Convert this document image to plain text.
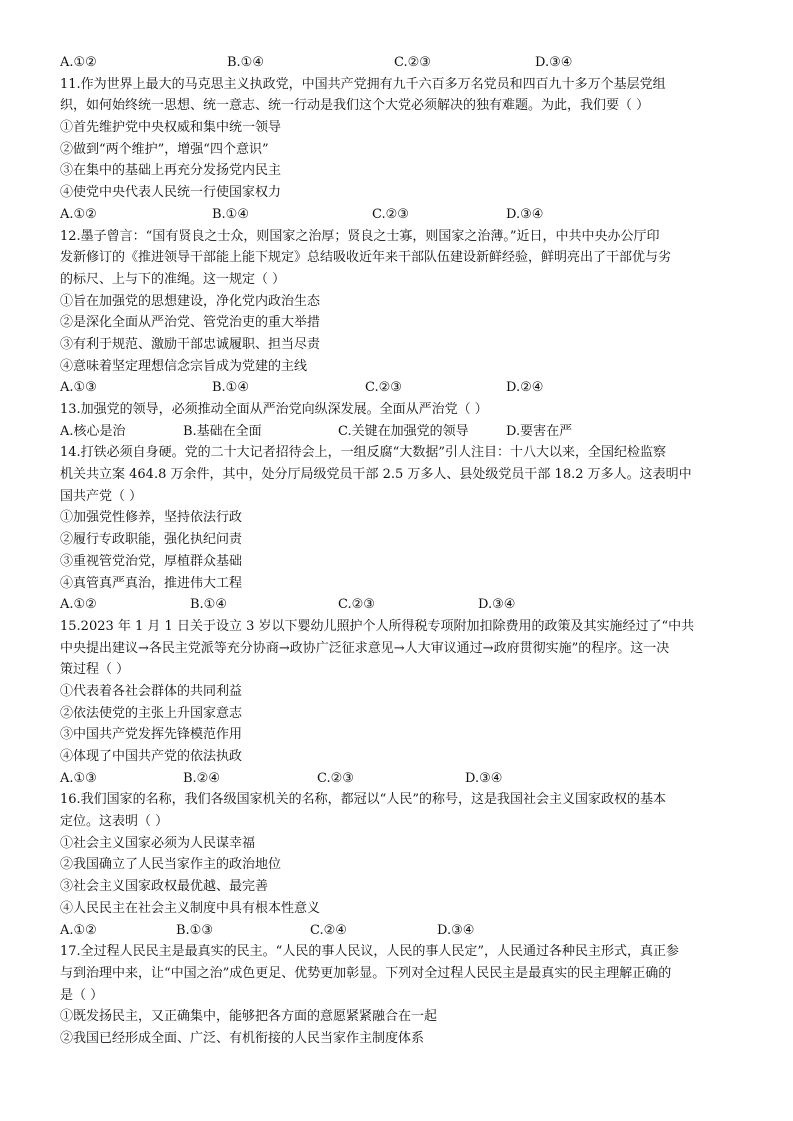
A.①②	B.①④	C.②③	D.③④
11.作为世界上最大的马克思主义执政党，中国共产党拥有九千六百多万名党员和四百九十多万个基层党组
织，如何始终统一思想、统一意志、统一行动是我们这个大党必须解决的独有难题。为此，我们要（ ）
①首先维护党中央权威和集中统一领导
②做到“两个维护”，增强“四个意识”
③在集中的基础上再充分发扬党内民主
④使党中央代表人民统一行使国家权力
A.①②	B.①④	C.②③	D.③④
12.墨子曾言：“国有贤良之士众，则国家之治厚；贤良之士寡，则国家之治薄。”近日，中共中央办公厅印
发新修订的《推进领导干部能上能下规定》总结吸收近年来干部队伍建设新鲜经验，鲜明亮出了干部优与劣
的标尺、上与下的准绳。这一规定（ ）
①旨在加强党的思想建设，净化党内政治生态
②是深化全面从严治党、管党治吏的重大举措
③有利于规范、激励干部忠诚履职、担当尽责
④意味着坚定理想信念宗旨成为党建的主线
A.①③	B.①④	C.②③	D.②④
13.加强党的领导，必须推动全面从严治党向纵深发展。全面从严治党（ ）
A.核心是治	B.基础在全面	C.关键在加强党的领导	D.要害在严
14.打铁必须自身硬。党的二十大记者招待会上，一组反腐“大数据”引人注目：十八大以来，全国纪检监察
机关共立案 464.8 万余件，其中，处分厅局级党员干部 2.5 万多人、县处级党员干部 18.2 万多人。这表明中
国共产党（ ）
①加强党性修养，坚持依法行政
②履行专政职能，强化执纪问责
③重视管党治党，厚植群众基础
④真管真严真治，推进伟大工程
A.①②	B.①④	C.②③	D.③④
15.2023 年 1 月 1 日关于设立 3 岁以下婴幼儿照护个人所得税专项附加扣除费用的政策及其实施经过了“中共
中央提出建议→各民主党派等充分协商→政协广泛征求意见→人大审议通过→政府贯彻实施”的程序。这一决
策过程（ ）
①代表着各社会群体的共同利益
②依法使党的主张上升国家意志
③中国共产党发挥先锋模范作用
④体现了中国共产党的依法执政
A.①③	B.②④	C.②③	D.③④
16.我们国家的名称，我们各级国家机关的名称，都冠以“人民”的称号，这是我国社会主义国家政权的基本
定位。这表明（ ）
①社会主义国家必须为人民谋幸福
②我国确立了人民当家作主的政治地位
③社会主义国家政权最优越、最完善
④人民民主在社会主义制度中具有根本性意义
A.①②	B.①③	C.②④	D.③④
17.全过程人民民主是最真实的民主。“人民的事人民议，人民的事人民定”，人民通过各种民主形式，真正参
与到治理中来，让“中国之治”成色更足、优势更加彰显。下列对全过程人民民主是最真实的民主理解正确的
是（ ）
①既发扬民主，又正确集中，能够把各方面的意愿紧紧融合在一起
②我国已经形成全面、广泛、有机衔接的人民当家作主制度体系
